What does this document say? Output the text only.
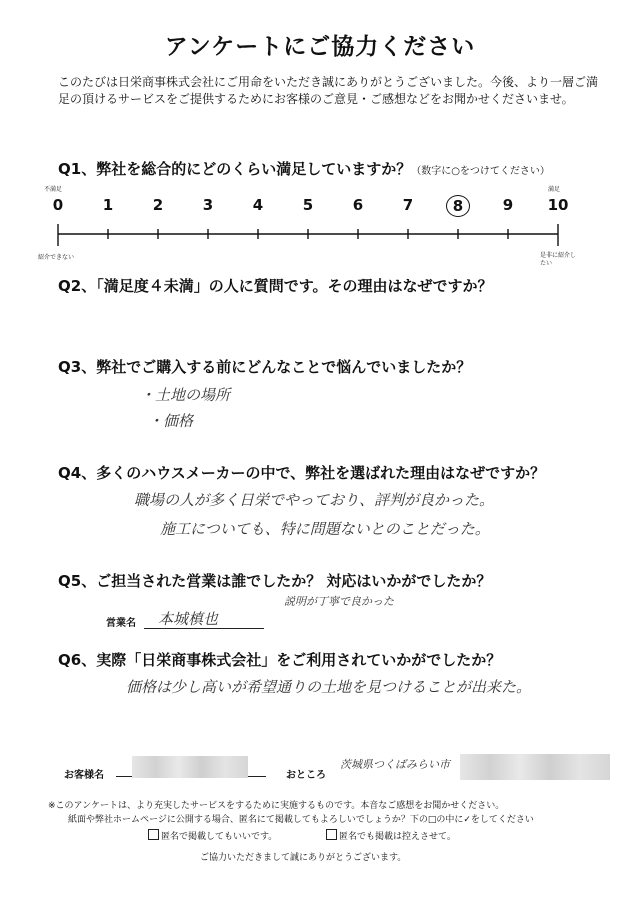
アンケートにご協力ください
このたびは日栄商事株式会社にご用命をいただき誠にありがとうございました。今後、より一層ご満足の頂けるサービスをご提供するためにお客様のご意見・ご感想などをお聞かせくださいませ。
Q1、弊社を総合的にどのくらい満足していますか？（数字に○をつけてください）
不満足	満足
0	1	2	3	4	5	6	7	8	9	10
紹介できない	是非に紹介したい
Q2、「満足度４未満」の人に質問です。その理由はなぜですか？
Q3、弊社でご購入する前にどんなことで悩んでいましたか？
・土地の場所
・価格
Q4、多くのハウスメーカーの中で、弊社を選ばれた理由はなぜですか？
職場の人が多く日栄でやっており、評判が良かった。
施工についても、特に問題ないとのことだった。
Q5、ご担当された営業は誰でしたか？ 対応はいかがでしたか？
説明が丁寧で良かった
営業名 本城槙也
Q6、実際「日栄商事株式会社」をご利用されていかがでしたか？
価格は少し高いが希望通りの土地を見つけることが出来た。
お客様名	おところ
茨城県つくばみらい市
※このアンケートは、より充実したサービスをするために実施するものです。本音なご感想をお聞かせください。
紙面や弊社ホームページに公開する場合、匿名にて掲載してもよろしいでしょうか？下の□の中に✓をしてください
匿名で掲載してもいいです。	匿名でも掲載は控えさせて。
ご協力いただきまして誠にありがとうございます。
